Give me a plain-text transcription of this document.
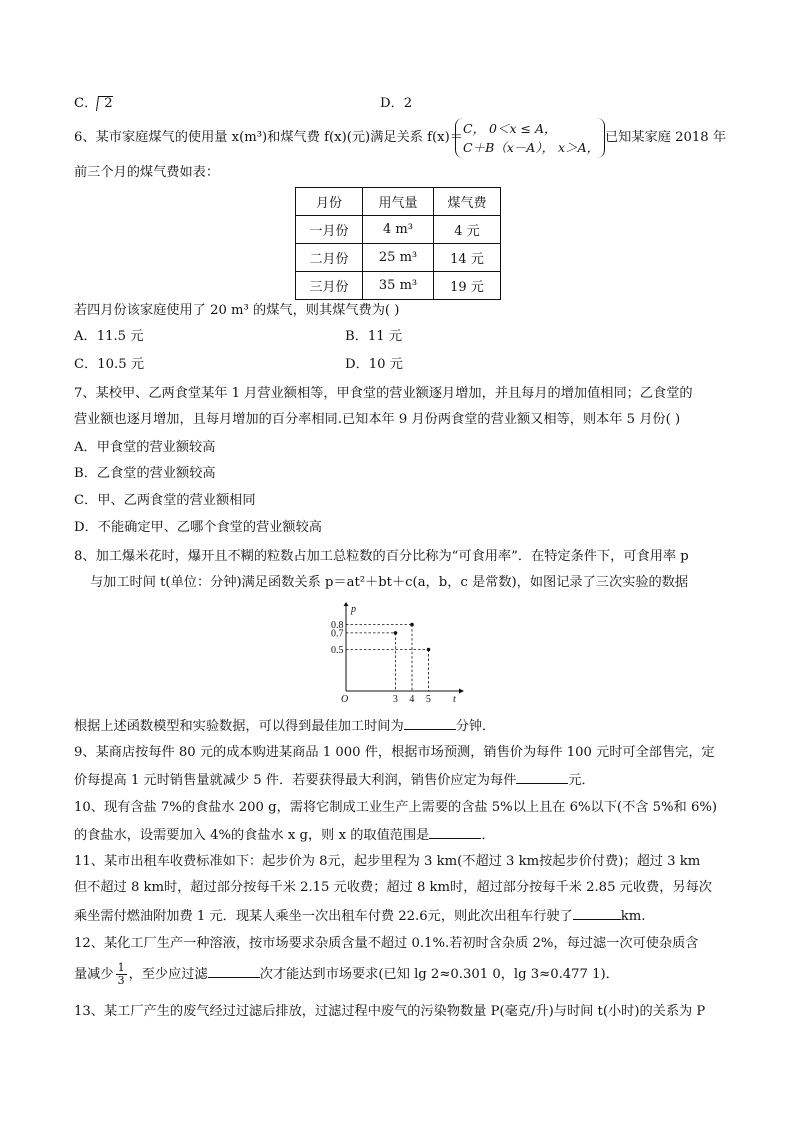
C． 2	D．2
6、某市家庭煤气的使用量 x(m³)和煤气费 f(x)(元)满足关系 f(x)＝
C， 0＜x ≤ A，
C＋B（x－A）， x＞A，
已知某家庭 2018 年
前三个月的煤气费如表：
月份	用气量	煤气费
一月份	4 m³	4 元
二月份	25 m³	14 元
三月份	35 m³	19 元
若四月份该家庭使用了 20 m³ 的煤气，则其煤气费为( )
A．11.5 元	B．11 元
C．10.5 元	D．10 元
7、某校甲、乙两食堂某年 1 月营业额相等，甲食堂的营业额逐月增加，并且每月的增加值相同；乙食堂的
营业额也逐月增加，且每月增加的百分率相同.已知本年 9 月份两食堂的营业额又相等，则本年 5 月份( )
A．甲食堂的营业额较高
B．乙食堂的营业额较高
C．甲、乙两食堂的营业额相同
D．不能确定甲、乙哪个食堂的营业额较高
8、加工爆米花时，爆开且不糊的粒数占加工总粒数的百分比称为“可食用率”．在特定条件下，可食用率 p
与加工时间 t(单位：分钟)满足函数关系 p＝at²＋bt＋c(a，b，c 是常数)，如图记录了三次实验的数据
p
t
O	3 4 5
0.8
0.7
0.5
根据上述函数模型和实验数据，可以得到最佳加工时间为	分钟．
9、某商店按每件 80 元的成本购进某商品 1 000 件，根据市场预测，销售价为每件 100 元时可全部售完，定
价每提高 1 元时销售量就减少 5 件．若要获得最大利润，销售价应定为每件	元．
10、现有含盐 7%的食盐水 200 g，需将它制成工业生产上需要的含盐 5%以上且在 6%以下(不含 5%和 6%)
的食盐水，设需要加入 4%的食盐水 x g，则 x 的取值范围是	．
11、某市出租车收费标准如下：起步价为 8元，起步里程为 3 km(不超过 3 km按起步价付费)；超过 3 km
但不超过 8 km时，超过部分按每千米 2.15 元收费；超过 8 km时，超过部分按每千米 2.85 元收费，另每次
乘坐需付燃油附加费 1 元．现某人乘坐一次出租车付费 22.6元，则此次出租车行驶了	km.
12、某化工厂生产一种溶液，按市场要求杂质含量不超过 0.1%.若初时含杂质 2%，每过滤一次可使杂质含
量减少 $\frac{1}{3}$ ，至少应过滤	次才能达到市场要求(已知 lg 2≈0.301 0，lg 3≈0.477 1)．
13、某工厂产生的废气经过过滤后排放，过滤过程中废气的污染物数量 P(毫克/升)与时间 t(小时)的关系为 P
